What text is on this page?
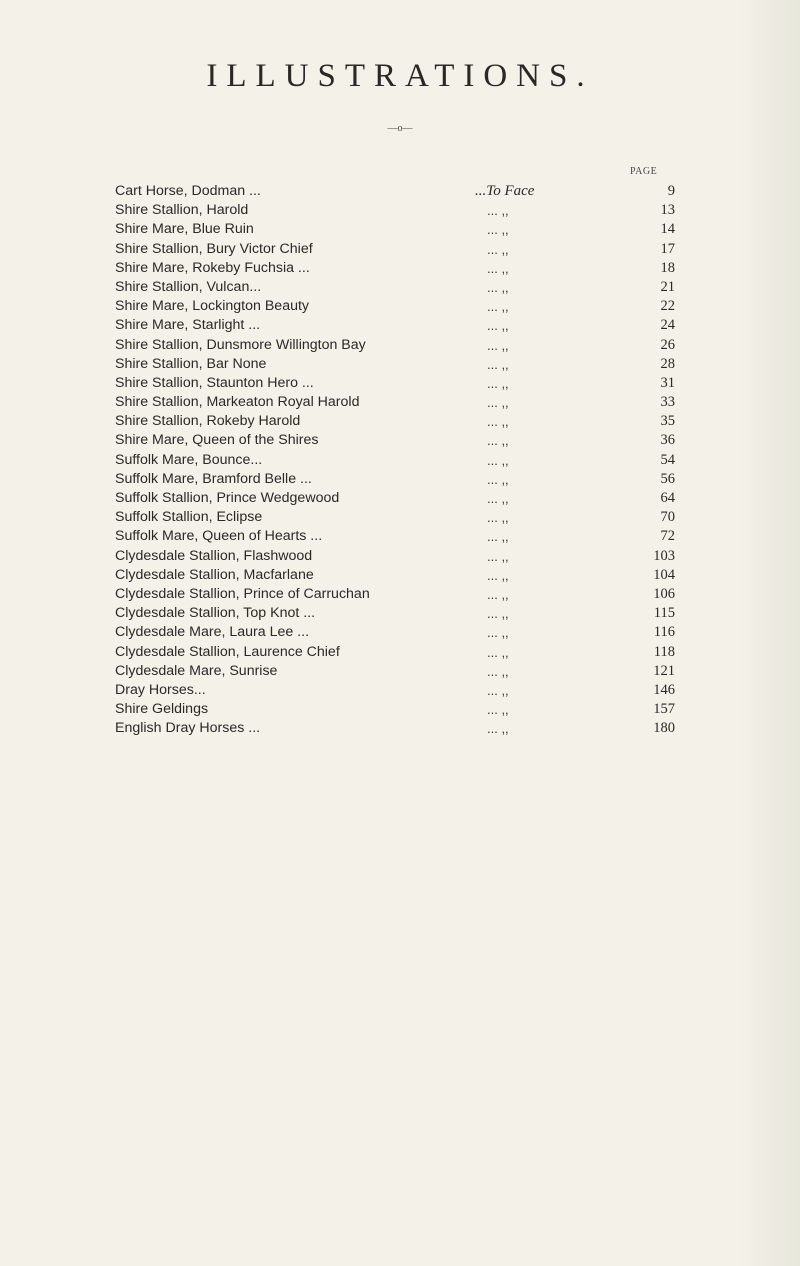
ILLUSTRATIONS.
—o—
PAGE
Cart Horse, Dodman ...	...To Face	9
Shire Stallion, Harold	... ,,	13
Shire Mare, Blue Ruin	... ,,	14
Shire Stallion, Bury Victor Chief	... ,,	17
Shire Mare, Rokeby Fuchsia ...	... ,,	18
Shire Stallion, Vulcan...	... ,,	21
Shire Mare, Lockington Beauty	... ,,	22
Shire Mare, Starlight ...	... ,,	24
Shire Stallion, Dunsmore Willington Bay	... ,,	26
Shire Stallion, Bar None	... ,,	28
Shire Stallion, Staunton Hero ...	... ,,	31
Shire Stallion, Markeaton Royal Harold	... ,,	33
Shire Stallion, Rokeby Harold	... ,,	35
Shire Mare, Queen of the Shires	... ,,	36
Suffolk Mare, Bounce...	... ,,	54
Suffolk Mare, Bramford Belle ...	... ,,	56
Suffolk Stallion, Prince Wedgewood	... ,,	64
Suffolk Stallion, Eclipse	... ,,	70
Suffolk Mare, Queen of Hearts ...	... ,,	72
Clydesdale Stallion, Flashwood	... ,,	103
Clydesdale Stallion, Macfarlane	... ,,	104
Clydesdale Stallion, Prince of Carruchan	... ,,	106
Clydesdale Stallion, Top Knot ...	... ,,	115
Clydesdale Mare, Laura Lee ...	... ,,	116
Clydesdale Stallion, Laurence Chief	... ,,	118
Clydesdale Mare, Sunrise	... ,,	121
Dray Horses...	... ,,	146
Shire Geldings	... ,,	157
English Dray Horses ...	... ,,	180
